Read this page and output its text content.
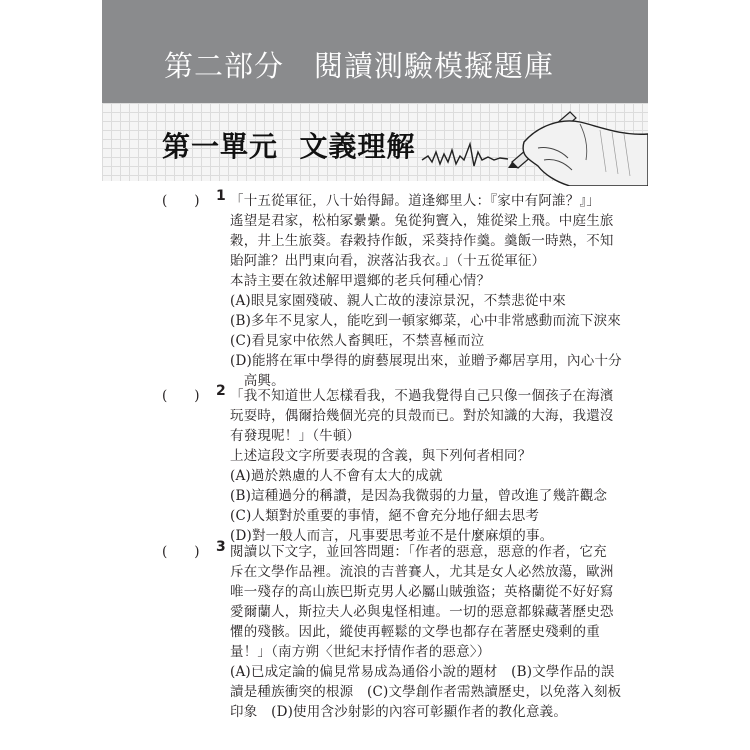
第二部分　閱讀測驗模擬題庫
第一單元  文義理解
(　　) 1 「十五從軍征，八十始得歸。道逢鄉里人：『家中有阿誰？』」
遙望是君家，松柏冢纍纍。兔從狗竇入，雉從梁上飛。中庭生旅
穀，井上生旅葵。舂穀持作飯，采葵持作羹。羹飯一時熟，不知
貽阿誰？出門東向看，淚落沾我衣。」（十五從軍征）
本詩主要在敘述解甲還鄉的老兵何種心情？
(A)眼見家園殘破、親人亡故的淒涼景況，不禁悲從中來
(B)多年不見家人，能吃到一頓家鄉菜，心中非常感動而流下淚來
(C)看見家中依然人畜興旺，不禁喜極而泣
(D)能將在軍中學得的廚藝展現出來，並贈予鄰居享用，內心十分
　高興。
(　　) 2 「我不知道世人怎樣看我，不過我覺得自己只像一個孩子在海濱
玩耍時，偶爾拾幾個光亮的貝殼而已。對於知識的大海，我還沒
有發現呢！」（牛頓）
上述這段文字所要表現的含義，與下列何者相同？
(A)過於熟慮的人不會有太大的成就
(B)這種過分的稱讚，是因為我微弱的力量，曾改進了幾許觀念
(C)人類對於重要的事情，絕不會充分地仔細去思考
(D)對一般人而言，凡事要思考並不是什麼麻煩的事。
(　　) 3 閱讀以下文字，並回答問題：「作者的惡意，惡意的作者，它充
斥在文學作品裡。流浪的吉普賽人，尤其是女人必然放蕩，歐洲
唯一殘存的高山族巴斯克男人必屬山賊強盜；英格蘭從不好好寫
愛爾蘭人，斯拉夫人必與鬼怪相連。一切的惡意都躲藏著歷史恐
懼的殘骸。因此，縱使再輕鬆的文學也都存在著歷史殘剩的重
量！」（南方朔〈世紀末抒情作者的惡意〉）
(A)已成定論的偏見常易成為通俗小說的題材　(B)文學作品的誤
讀是種族衝突的根源　(C)文學創作者需熟讀歷史，以免落入刻板
印象　(D)使用含沙射影的內容可彰顯作者的教化意義。
